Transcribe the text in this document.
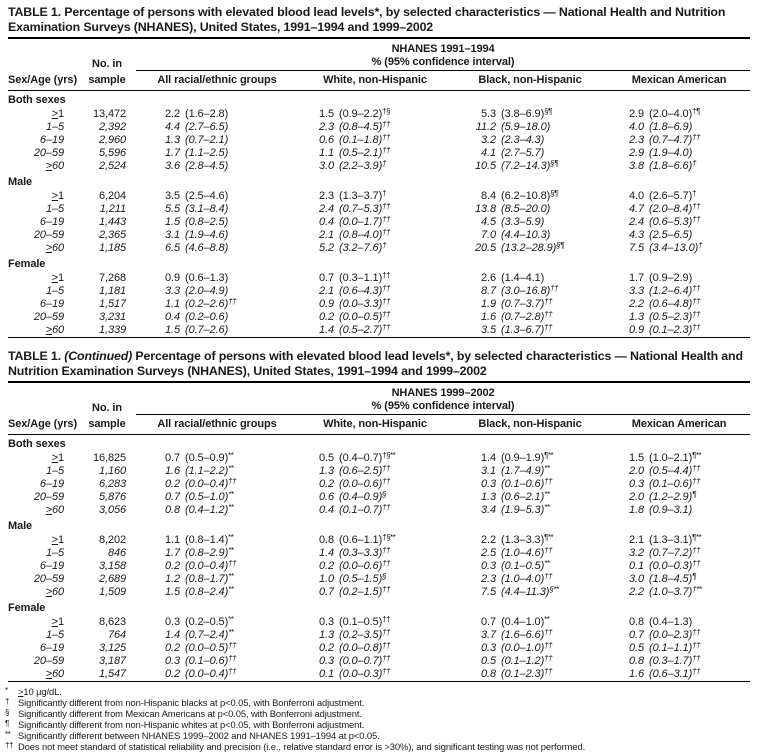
TABLE 1. Percentage of persons with elevated blood lead levels*, by selected characteristics — National Health and Nutrition Examination Surveys (NHANES), United States, 1991–1994 and 1999–2002
		NHANES 1991–1994							
	No. in	% (95% confidence interval)							
Sex/Age (yrs)	sample	All racial/ethnic groups		White, non-Hispanic		Black, non-Hispanic		Mexican American	
Both sexes									
>1	13,472	2.2	(1.6–2.8)	1.5	(0.9–2.2)†§	5.3	(3.8–6.9)§¶	2.9	(2.0–4.0)†¶
1–5	2,392	4.4	(2.7–6.5)	2.3	(0.8–4.5)††	11.2	(5.9–18.0)	4.0	(1.8–6.9)
6–19	2,960	1.3	(0.7–2.1)	0.6	(0.1–1.8)††	3.2	(2.3–4.3)	2.3	(0.7–4.7)††
20–59	5,596	1.7	(1.1–2.5)	1.1	(0.5–2.1)††	4.1	(2.7–5.7)	2.9	(1.9–4.0)
>60	2,524	3.6	(2.8–4.5)	3.0	(2.2–3.9)†	10.5	(7.2–14.3)§¶	3.8	(1.8–6.6)†
Male									
>1	6,204	3.5	(2.5–4.6)	2.3	(1.3–3.7)†	8.4	(6.2–10.8)§¶	4.0	(2.6–5.7)†
1–5	1,211	5.5	(3.1–8.4)	2.4	(0.7–5.3)††	13.8	(8.5–20.0)	4.7	(2.0–8.4)††
6–19	1,443	1.5	(0.8–2.5)	0.4	(0.0–1.7)††	4.5	(3.3–5.9)	2.4	(0.6–5.3)††
20–59	2,365	3.1	(1.9–4.6)	2.1	(0.8–4.0)††	7.0	(4.4–10.3)	4.3	(2.5–6.5)
>60	1,185	6.5	(4.6–8.8)	5.2	(3.2–7.6)†	20.5	(13.2–28.9)§¶	7.5	(3.4–13.0)†
Female									
>1	7,268	0.9	(0.6–1.3)	0.7	(0.3–1.1)††	2.6	(1.4–4.1)	1.7	(0.9–2.9)
1–5	1,181	3.3	(2.0–4.9)	2.1	(0.6–4.3)††	8.7	(3.0–16.8)††	3.3	(1.2–6.4)††
6–19	1,517	1.1	(0.2–2.6)††	0.9	(0.0–3.3)††	1.9	(0.7–3.7)††	2.2	(0.6–4.8)††
20–59	3,231	0.4	(0.2–0.6)	0.2	(0.0–0.5)††	1.6	(0.7–2.8)††	1.3	(0.5–2.3)††
>60	1,339	1.5	(0.7–2.6)	1.4	(0.5–2.7)††	3.5	(1.3–6.7)††	0.9	(0.1–2.3)††
TABLE 1. (Continued) Percentage of persons with elevated blood lead levels*, by selected characteristics — National Health and Nutrition Examination Surveys (NHANES), United States, 1991–1994 and 1999–2002
		NHANES 1999–2002							
	No. in	% (95% confidence interval)							
Sex/Age (yrs)	sample	All racial/ethnic groups		White, non-Hispanic		Black, non-Hispanic		Mexican American	
Both sexes									
>1	16,825	0.7	(0.5–0.9)**	0.5	(0.4–0.7)†§**	1.4	(0.9–1.9)¶**	1.5	(1.0–2.1)¶**
1–5	1,160	1.6	(1.1–2.2)**	1.3	(0.6–2.5)††	3.1	(1.7–4.9)**	2.0	(0.5–4.4)††
6–19	6,283	0.2	(0.0–0.4)††	0.2	(0.0–0.6)††	0.3	(0.1–0.6)††	0.3	(0.1–0.6)††
20–59	5,876	0.7	(0.5–1.0)**	0.6	(0.4–0.9)§	1.3	(0.6–2.1)**	2.0	(1.2–2.9)¶
>60	3,056	0.8	(0.4–1.2)**	0.4	(0.1–0.7)††	3.4	(1.9–5.3)**	1.8	(0.9–3.1)
Male									
>1	8,202	1.1	(0.8–1.4)**	0.8	(0.6–1.1)†§**	2.2	(1.3–3.3)¶**	2.1	(1.3–3.1)¶**
1–5	846	1.7	(0.8–2.9)**	1.4	(0.3–3.3)††	2.5	(1.0–4.6)††	3.2	(0.7–7.2)††
6–19	3,158	0.2	(0.0–0.4)††	0.2	(0.0–0.6)††	0.3	(0.1–0.5)**	0.1	(0.0–0.3)††
20–59	2,689	1.2	(0.8–1.7)**	1.0	(0.5–1.5)§	2.3	(1.0–4.0)††	3.0	(1.8–4.5)¶
>60	1,509	1.5	(0.8–2.4)**	0.7	(0.2–1.5)††	7.5	(4.4–11.3)§**	2.2	(1.0–3.7)†**
Female									
>1	8,623	0.3	(0.2–0.5)**	0.3	(0.1–0.5)††	0.7	(0.4–1.0)**	0.8	(0.4–1.3)
1–5	764	1.4	(0.7–2.4)**	1.3	(0.2–3.5)††	3.7	(1.6–6.6)††	0.7	(0.0–2.3)††
6–19	3,125	0.2	(0.0–0.5)††	0.2	(0.0–0.8)††	0.3	(0.0–1.0)††	0.5	(0.1–1.1)††
20–59	3,187	0.3	(0.1–0.6)††	0.3	(0.0–0.7)††	0.5	(0.1–1.2)††	0.8	(0.3–1.7)††
>60	1,547	0.2	(0.0–0.4)††	0.1	(0.0–0.3)††	0.8	(0.1–2.3)††	1.6	(0.6–3.1)††
*	>10 µg/dL.
† Significantly different from non-Hispanic blacks at p<0.05, with Bonferroni adjustment.
§ Significantly different from Mexican Americans at p<0.05, with Bonferroni adjustment.
¶ Significantly different from non-Hispanic whites at p<0.05, with Bonferroni adjustment.
** Significantly different between NHANES 1999–2002 and NHANES 1991–1994 at p<0.05.
†† Does not meet standard of statistical reliability and precision (i.e., relative standard error is >30%), and significant testing was not performed.
